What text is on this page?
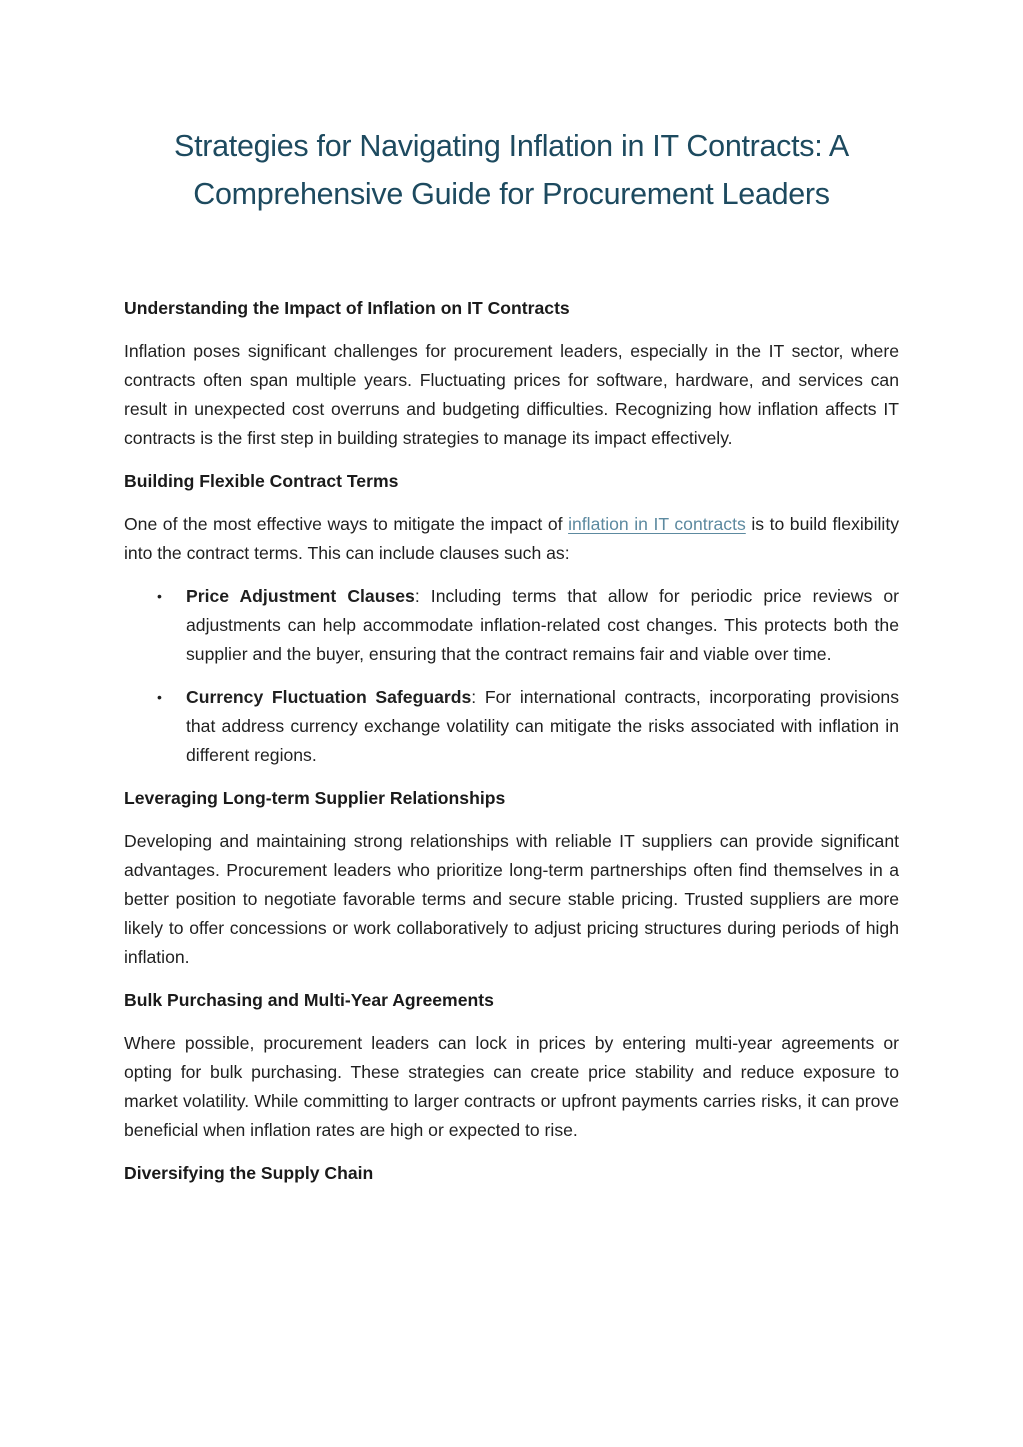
Strategies for Navigating Inflation in IT Contracts: A Comprehensive Guide for Procurement Leaders
Understanding the Impact of Inflation on IT Contracts

Inflation poses significant challenges for procurement leaders, especially in the IT sector, where contracts often span multiple years. Fluctuating prices for software, hardware, and services can result in unexpected cost overruns and budgeting difficulties. Recognizing how inflation affects IT contracts is the first step in building strategies to manage its impact effectively.

Building Flexible Contract Terms

One of the most effective ways to mitigate the impact of inflation in IT contracts is to build flexibility into the contract terms. This can include clauses such as:

• Price Adjustment Clauses: Including terms that allow for periodic price reviews or adjustments can help accommodate inflation-related cost changes. This protects both the supplier and the buyer, ensuring that the contract remains fair and viable over time.
• Currency Fluctuation Safeguards: For international contracts, incorporating provisions that address currency exchange volatility can mitigate the risks associated with inflation in different regions.
Leveraging Long-term Supplier Relationships

Developing and maintaining strong relationships with reliable IT suppliers can provide significant advantages. Procurement leaders who prioritize long-term partnerships often find themselves in a better position to negotiate favorable terms and secure stable pricing. Trusted suppliers are more likely to offer concessions or work collaboratively to adjust pricing structures during periods of high inflation.

Bulk Purchasing and Multi-Year Agreements

Where possible, procurement leaders can lock in prices by entering multi-year agreements or opting for bulk purchasing. These strategies can create price stability and reduce exposure to market volatility. While committing to larger contracts or upfront payments carries risks, it can prove beneficial when inflation rates are high or expected to rise.

Diversifying the Supply Chain
